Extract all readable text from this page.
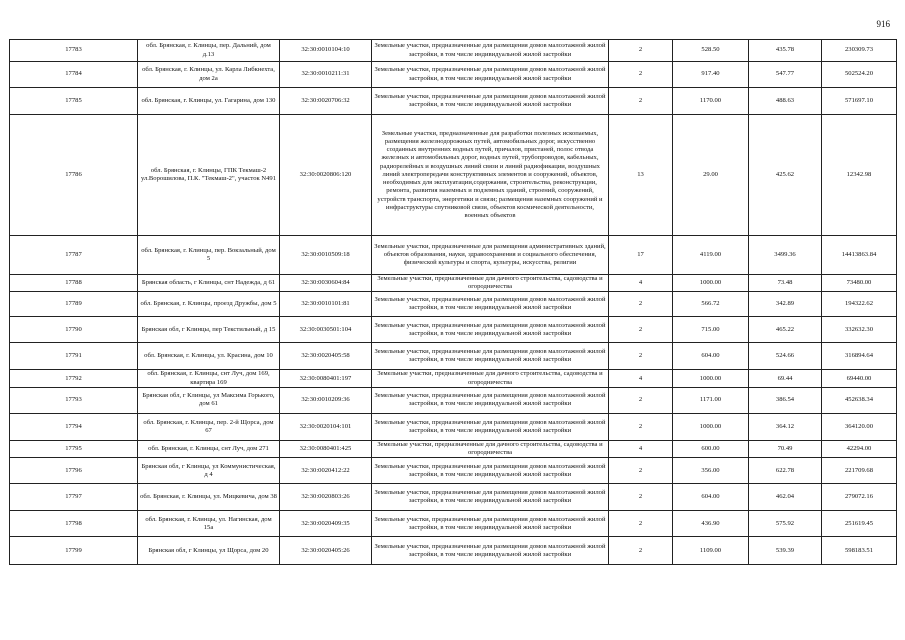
916
17783	обл. Брянская, г. Клинцы, пер. Дальний, дом д.13	32:30:0010104:10	Земельные участки, предназначенные для размещения домов малоэтажной жилой застройки, в том числе индивидуальной жилой застройки	2	528.50	435.78	230309.73
17784	обл. Брянская, г. Клинцы, ул. Карла Либкнехта, дом 2а	32:30:0010211:31	Земельные участки, предназначенные для размещения домов малоэтажной жилой застройки, в том числе индивидуальной жилой застройки	2	917.40	547.77	502524.20
17785	обл. Брянская, г. Клинцы, ул. Гагарина, дом 130	32:30:0020706:32	Земельные участки, предназначенные для размещения домов малоэтажной жилой застройки, в том числе индивидуальной жилой застройки	2	1170.00	488.63	571697.10
17786	обл. Брянская, г. Клинцы, ГПК Текмаш-2 ул.Ворошилова, П.К. "Текмаш-2", участок N491	32:30:0020806:120	Земельные участки, предназначенные для разработки полезных ископаемых, размещения железнодорожных путей, автомобильных дорог, искусственно созданных внутренних водных путей, причалов, пристаней, полос отвода железных и автомобильных дорог, водных путей, трубопроводов, кабельных, радиорелейных и воздушных линий связи и линий радиофикации, воздушных линий электропередачи конструктивных элементов и сооружений, объектов, необходимых для эксплуатации,содержания, строительства, реконструкции, ремонта, развития наземных и подземных зданий, строений, сооружений, устройств транспорта, энергетики и связи; размещения наземных сооружений и инфраструктуры спутниковой связи, объектов космической деятельности, военных объектов	13	29.00	425.62	12342.98
17787	обл. Брянская, г. Клинцы, пер. Вокзальный, дом 5	32:30:0010509:18	Земельные участки, предназначенные для размещения административных зданий, объектов образования, науки, здравоохранения и социального обеспечения, физической культуры и спорта, культуры, искусства, религии	17	4119.00	3499.36	14413863.84
17788	Брянская область, г Клинцы, снт Надежда, д 61	32:30:0030604:84	Земельные участки, предназначенные для дачного строительства, садоводства и огородничества	4	1000.00	73.48	73480.00
17789	обл. Брянская, г. Клинцы, проезд Дружбы, дом 5	32:30:0010101:81	Земельные участки, предназначенные для размещения домов малоэтажной жилой застройки, в том числе индивидуальной жилой застройки	2	566.72	342.89	194322.62
17790	Брянская обл, г Клинцы, пер Текстильный, д 15	32:30:0030501:104	Земельные участки, предназначенные для размещения домов малоэтажной жилой застройки, в том числе индивидуальной жилой застройки	2	715.00	465.22	332632.30
17791	обл. Брянская, г. Клинцы, ул. Красина, дом 10	32:30:0020405:58	Земельные участки, предназначенные для размещения домов малоэтажной жилой застройки, в том числе индивидуальной жилой застройки	2	604.00	524.66	316894.64
17792	обл. Брянская, г. Клинцы, снт Луч, дом 169, квартира 169	32:30:0080401:197	Земельные участки, предназначенные для дачного строительства, садоводства и огородничества	4	1000.00	69.44	69440.00
17793	Брянская обл, г Клинцы, ул Максима Горького, дом 61	32:30:0010209:36	Земельные участки, предназначенные для размещения домов малоэтажной жилой застройки, в том числе индивидуальной жилой застройки	2	1171.00	386.54	452638.34
17794	обл. Брянская, г. Клинцы, пер. 2-й Щорса, дом 67	32:30:0020104:101	Земельные участки, предназначенные для размещения домов малоэтажной жилой застройки, в том числе индивидуальной жилой застройки	2	1000.00	364.12	364120.00
17795	обл. Брянская, г. Клинцы, снт Луч, дом 271	32:30:0080401:425	Земельные участки, предназначенные для дачного строительства, садоводства и огородничества	4	600.00	70.49	42294.00
17796	Брянская обл, г Клинцы, ул Коммунистическая, д 4	32:30:0020412:22	Земельные участки, предназначенные для размещения домов малоэтажной жилой застройки, в том числе индивидуальной жилой застройки	2	356.00	622.78	221709.68
17797	обл. Брянская, г. Клинцы, ул. Мицкевича, дом 38	32:30:0020803:26	Земельные участки, предназначенные для размещения домов малоэтажной жилой застройки, в том числе индивидуальной жилой застройки	2	604.00	462.04	279072.16
17798	обл. Брянская, г. Клинцы, ул. Нагинская, дом 15а	32:30:0020409:35	Земельные участки, предназначенные для размещения домов малоэтажной жилой застройки, в том числе индивидуальной жилой застройки	2	436.90	575.92	251619.45
17799	Брянская обл, г Клинцы, ул Щорса, дом 20	32:30:0020405:26	Земельные участки, предназначенные для размещения домов малоэтажной жилой застройки, в том числе индивидуальной жилой застройки	2	1109.00	539.39	598183.51
